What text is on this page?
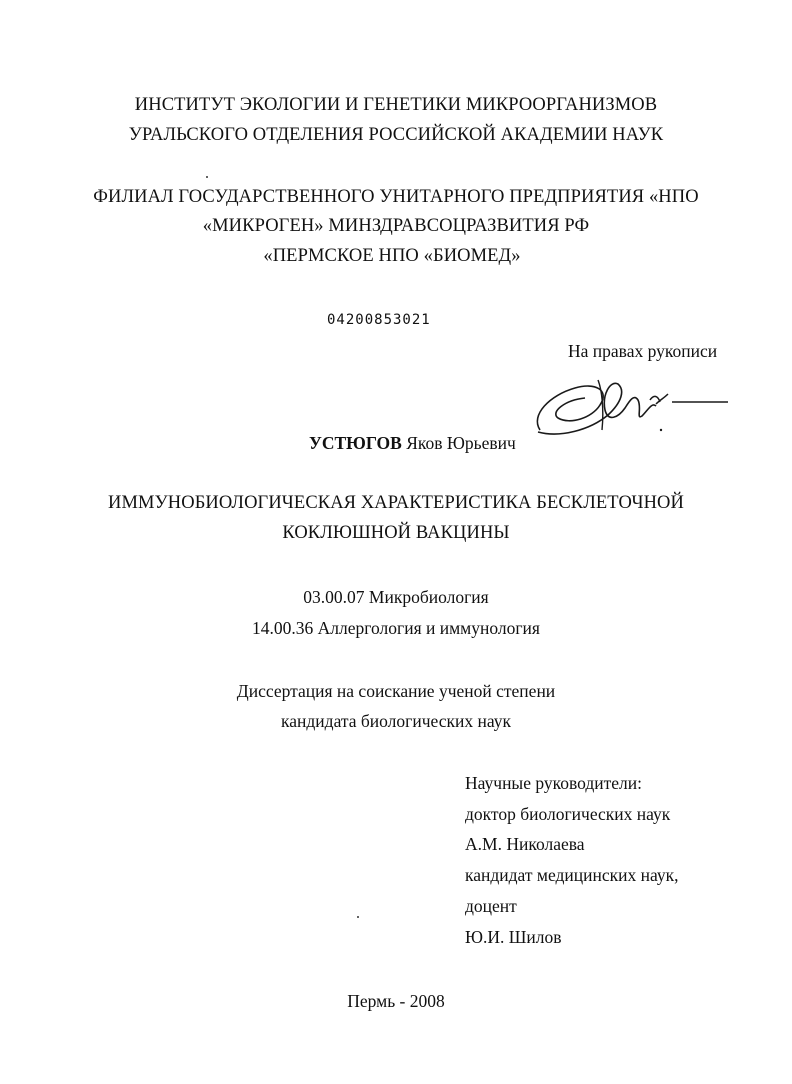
ИНСТИТУТ ЭКОЛОГИИ И ГЕНЕТИКИ МИКРООРГАНИЗМОВ
УРАЛЬСКОГО ОТДЕЛЕНИЯ РОССИЙСКОЙ АКАДЕМИИ НАУК
ФИЛИАЛ ГОСУДАРСТВЕННОГО УНИТАРНОГО ПРЕДПРИЯТИЯ «НПО
«МИКРОГЕН» МИНЗДРАВСОЦРАЗВИТИЯ РФ
«ПЕРМСКОЕ НПО «БИОМЕД»
04200853021
На правах рукописи
УСТЮГОВ Яков Юрьевич
ИММУНОБИОЛОГИЧЕСКАЯ ХАРАКТЕРИСТИКА БЕСКЛЕТОЧНОЙ
КОКЛЮШНОЙ ВАКЦИНЫ
03.00.07 Микробиология
14.00.36 Аллергология и иммунология
Диссертация на соискание ученой степени
кандидата биологических наук
Научные руководители:
доктор биологических наук
А.М. Николаева
кандидат медицинских наук,
доцент
Ю.И. Шилов
Пермь - 2008
